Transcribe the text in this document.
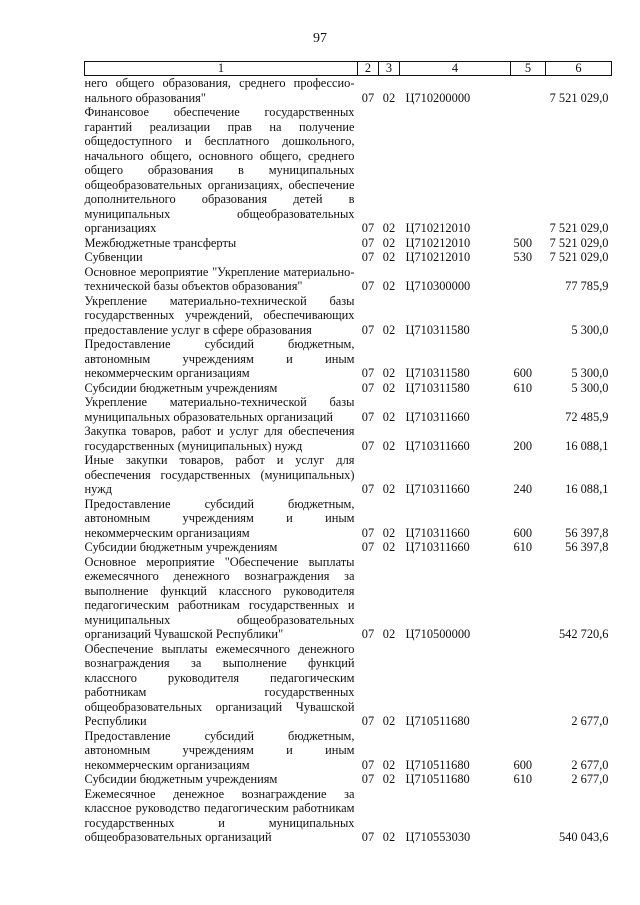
97
1	2	3	4	5	6
него общего образования, среднего профессио-нального образования"	07	02	Ц710200000		7 521 029,0
Финансовое обеспечение государственных гарантий реализации прав на получение общедоступного и бесплатного дошкольного, начального общего, основного общего, среднего общего образования в муниципальных общеобразовательных организациях, обеспечение дополнительного образования детей в муниципальных общеобразовательных организациях	07	02	Ц710212010		7 521 029,0
Межбюджетные трансферты	07	02	Ц710212010	500	7 521 029,0
Субвенции	07	02	Ц710212010	530	7 521 029,0
Основное мероприятие "Укрепление материально-технической базы объектов образования"	07	02	Ц710300000		77 785,9
Укрепление материально-технической базы государственных учреждений, обеспечивающих предоставление услуг в сфере образования	07	02	Ц710311580		5 300,0
Предоставление субсидий бюджетным, автономным учреждениям и иным некоммерческим организациям	07	02	Ц710311580	600	5 300,0
Субсидии бюджетным учреждениям	07	02	Ц710311580	610	5 300,0
Укрепление материально-технической базы муниципальных образовательных организаций	07	02	Ц710311660		72 485,9
Закупка товаров, работ и услуг для обеспечения государственных (муниципальных) нужд	07	02	Ц710311660	200	16 088,1
Иные закупки товаров, работ и услуг для обеспечения государственных (муниципальных) нужд	07	02	Ц710311660	240	16 088,1
Предоставление субсидий бюджетным, автономным учреждениям и иным некоммерческим организациям	07	02	Ц710311660	600	56 397,8
Субсидии бюджетным учреждениям	07	02	Ц710311660	610	56 397,8
Основное мероприятие "Обеспечение выплаты ежемесячного денежного вознаграждения за выполнение функций классного руководителя педагогическим работникам государственных и муниципальных общеобразовательных организаций Чувашской Республики"	07	02	Ц710500000		542 720,6
Обеспечение выплаты ежемесячного денежного вознаграждения за выполнение функций классного руководителя педагогическим работникам государственных общеобразовательных организаций Чувашской Республики	07	02	Ц710511680		2 677,0
Предоставление субсидий бюджетным, автономным учреждениям и иным некоммерческим организациям	07	02	Ц710511680	600	2 677,0
Субсидии бюджетным учреждениям	07	02	Ц710511680	610	2 677,0
Ежемесячное денежное вознаграждение за классное руководство педагогическим работникам государственных и муниципальных общеобразовательных организаций	07	02	Ц710553030		540 043,6
